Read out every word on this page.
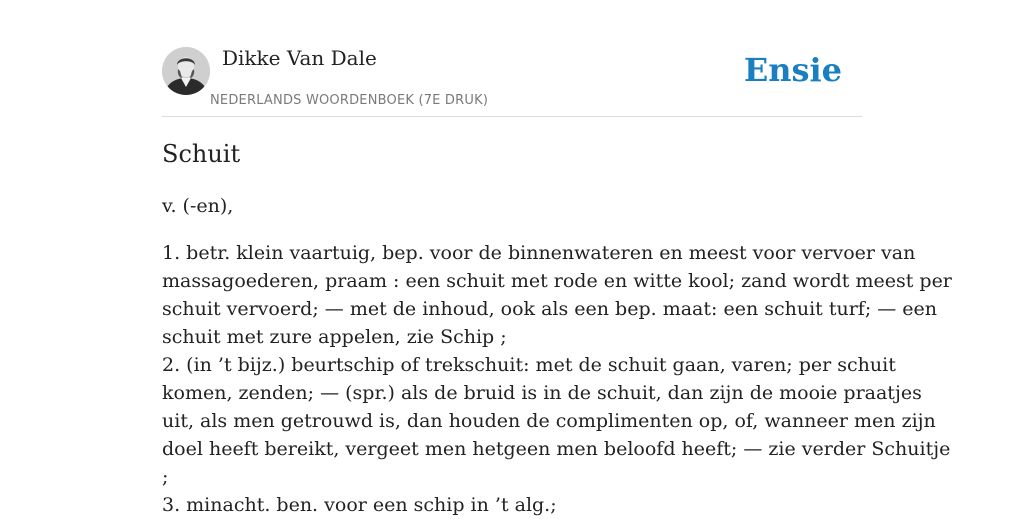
Dikke Van Dale
NEDERLANDS WOORDENBOEK (7E DRUK)
Ensie
Schuit
v. (-en),
1. betr. klein vaartuig, bep. voor de binnenwateren en meest voor vervoer van
massagoederen, praam : een schuit met rode en witte kool; zand wordt meest per
schuit vervoerd; — met de inhoud, ook als een bep. maat: een schuit turf; — een
schuit met zure appelen, zie Schip ;
2. (in ’t bijz.) beurtschip of trekschuit: met de schuit gaan, varen; per schuit
komen, zenden; — (spr.) als de bruid is in de schuit, dan zijn de mooie praatjes
uit, als men getrouwd is, dan houden de complimenten op, of, wanneer men zijn
doel heeft bereikt, vergeet men hetgeen men beloofd heeft; — zie verder Schuitje
;
3. minacht. ben. voor een schip in ’t alg.;
